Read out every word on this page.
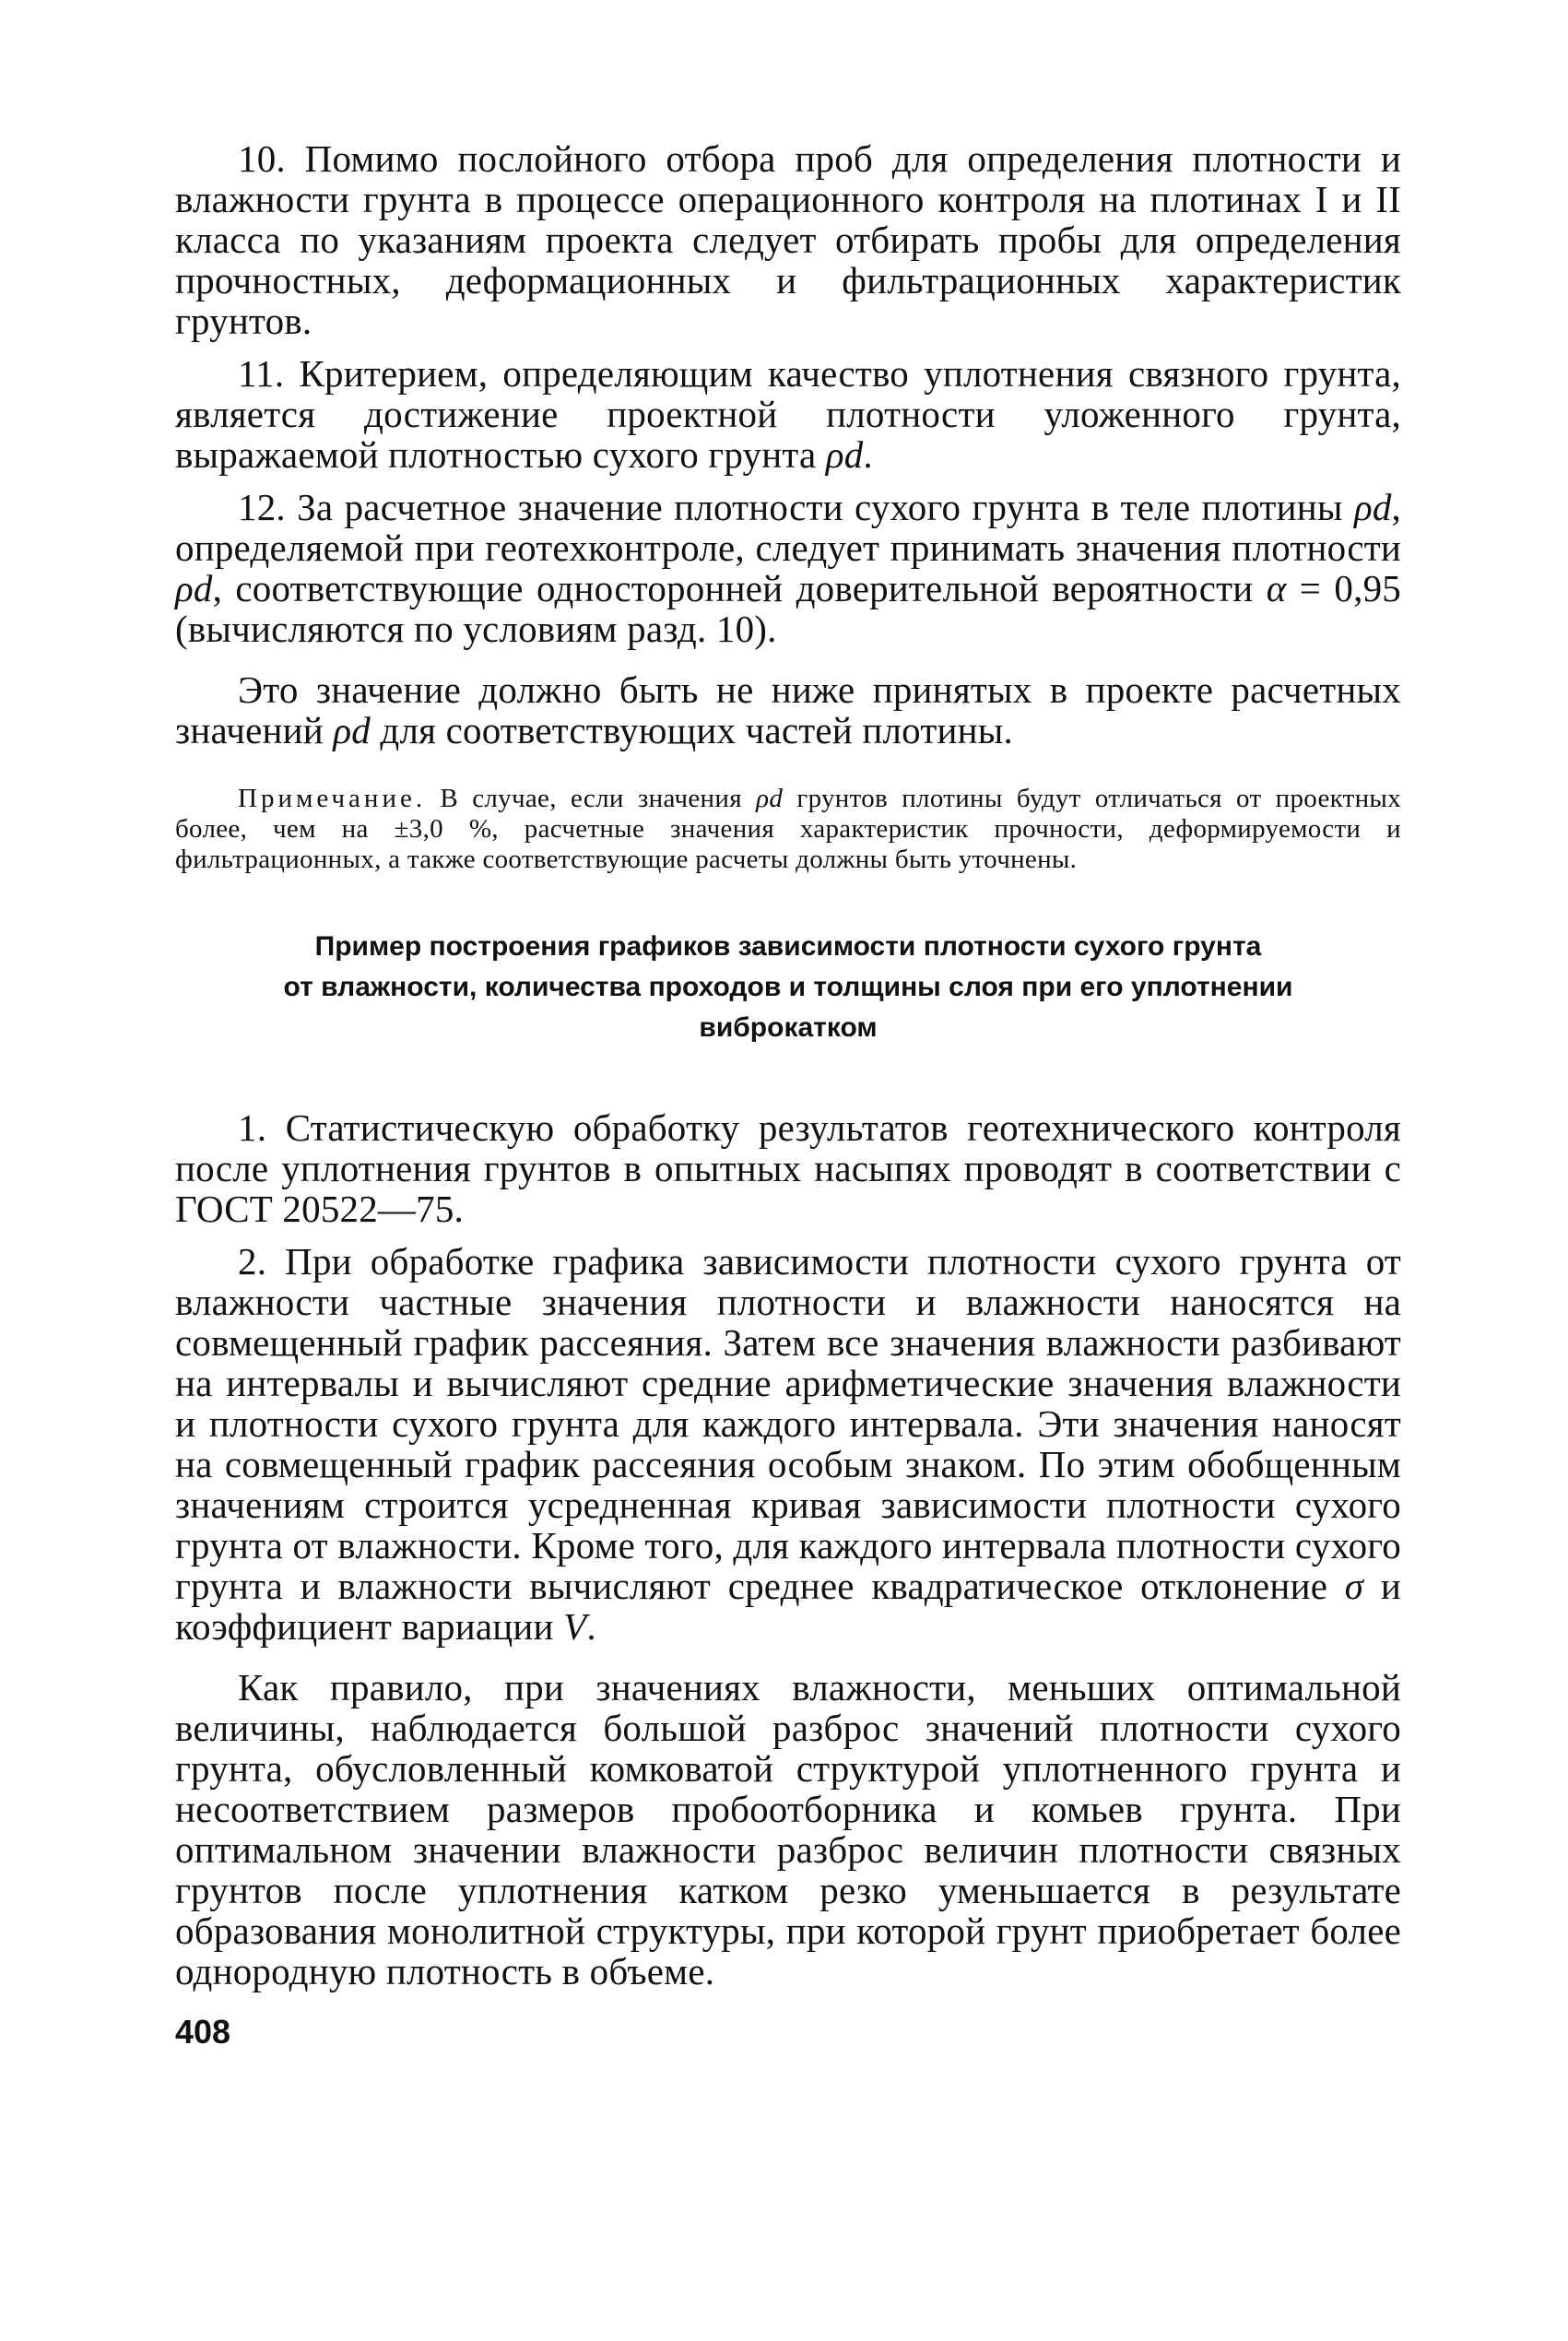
10. Помимо послойного отбора проб для определения плотности и влажности грунта в процессе операционного контроля на плотинах I и II класса по указаниям проекта следует отбирать пробы для определения прочностных, деформационных и фильтрационных характеристик грунтов.

11. Критерием, определяющим качество уплотнения связного грунта, является достижение проектной плотности уложенного грунта, выражаемой плотностью сухого грунта ρd.

12. За расчетное значение плотности сухого грунта в теле плотины ρd, определяемой при геотехконтроле, следует принимать значения плотности ρd, соответствующие односторонней доверительной вероятности α = 0,95 (вычисляются по условиям разд. 10).

Это значение должно быть не ниже принятых в проекте расчетных значений ρd для соответствующих частей плотины.

Примечание. В случае, если значения ρd грунтов плотины будут отличаться от проектных более, чем на ±3,0 %, расчетные значения характеристик прочности, деформируемости и фильтрационных, а также соответствующие расчеты должны быть уточнены.

Пример построения графиков зависимости плотности сухого грунта
от влажности, количества проходов и толщины слоя при его уплотнении
виброкатком

1. Статистическую обработку результатов геотехнического контроля после уплотнения грунтов в опытных насыпях проводят в соответствии с ГОСТ 20522—75.

2. При обработке графика зависимости плотности сухого грунта от влажности частные значения плотности и влажности наносятся на совмещенный график рассеяния. Затем все значения влажности разбивают на интервалы и вычисляют средние арифметические значения влажности и плотности сухого грунта для каждого интервала. Эти значения наносят на совмещенный график рассеяния особым знаком. По этим обобщенным значениям строится усредненная кривая зависимости плотности сухого грунта от влажности. Кроме того, для каждого интервала плотности сухого грунта и влажности вычисляют среднее квадратическое отклонение σ и коэффициент вариации V.

Как правило, при значениях влажности, меньших оптимальной величины, наблюдается большой разброс значений плотности сухого грунта, обусловленный комковатой структурой уплотненного грунта и несоответствием размеров пробоотборника и комьев грунта. При оптимальном значении влажности разброс величин плотности связных грунтов после уплотнения катком резко уменьшается в результате образования монолитной структуры, при которой грунт приобретает более однородную плотность в объеме.

408
